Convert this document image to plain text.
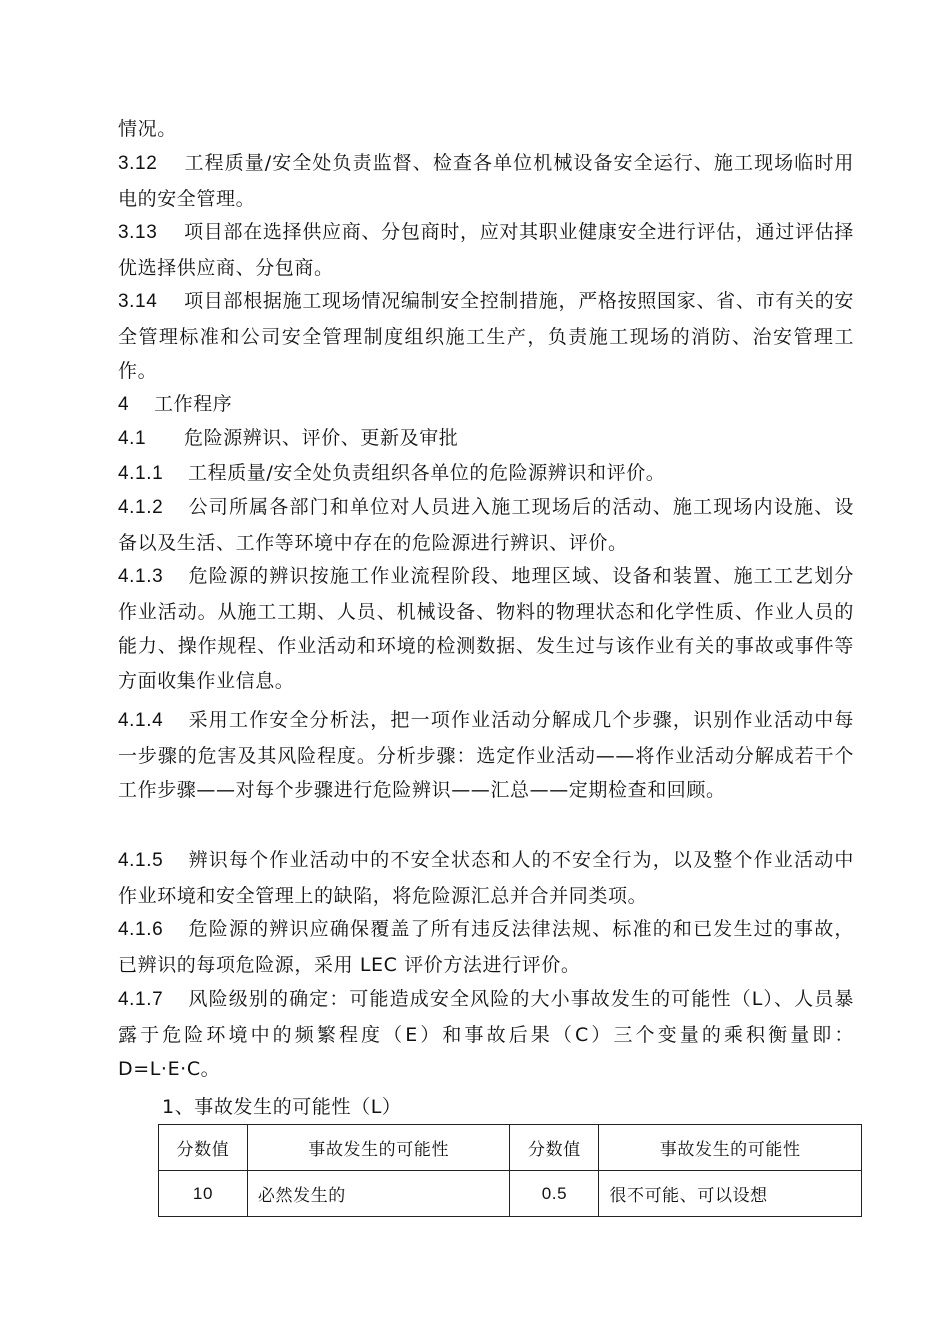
情况。

3.12 工程质量/安全处负责监督、检查各单位机械设备安全运行、施工现场临时用电的安全管理。

3.13 项目部在选择供应商、分包商时，应对其职业健康安全进行评估，通过评估择优选择供应商、分包商。

3.14 项目部根据施工现场情况编制安全控制措施，严格按照国家、省、市有关的安全管理标准和公司安全管理制度组织施工生产，负责施工现场的消防、治安管理工作。

4 工作程序

4.1 危险源辨识、评价、更新及审批

4.1.1 工程质量/安全处负责组织各单位的危险源辨识和评价。

4.1.2 公司所属各部门和单位对人员进入施工现场后的活动、施工现场内设施、设备以及生活、工作等环境中存在的危险源进行辨识、评价。

4.1.3 危险源的辨识按施工作业流程阶段、地理区域、设备和装置、施工工艺划分作业活动。从施工工期、人员、机械设备、物料的物理状态和化学性质、作业人员的能力、操作规程、作业活动和环境的检测数据、发生过与该作业有关的事故或事件等方面收集作业信息。

4.1.4 采用工作安全分析法，把一项作业活动分解成几个步骤，识别作业活动中每一步骤的危害及其风险程度。分析步骤：选定作业活动——将作业活动分解成若干个工作步骤——对每个步骤进行危险辨识——汇总——定期检查和回顾。

4.1.5 辨识每个作业活动中的不安全状态和人的不安全行为，以及整个作业活动中作业环境和安全管理上的缺陷，将危险源汇总并合并同类项。

4.1.6 危险源的辨识应确保覆盖了所有违反法律法规、标准的和已发生过的事故，已辨识的每项危险源，采用 LEC 评价方法进行评价。

4.1.7 风险级别的确定：可能造成安全风险的大小事故发生的可能性（L）、人员暴露于危险环境中的频繁程度（E）和事故后果（C）三个变量的乘积衡量即：D=L·E·C。

1、事故发生的可能性（L）
分数值	事故发生的可能性	分数值	事故发生的可能性
10	必然发生的	0.5	很不可能、可以设想
